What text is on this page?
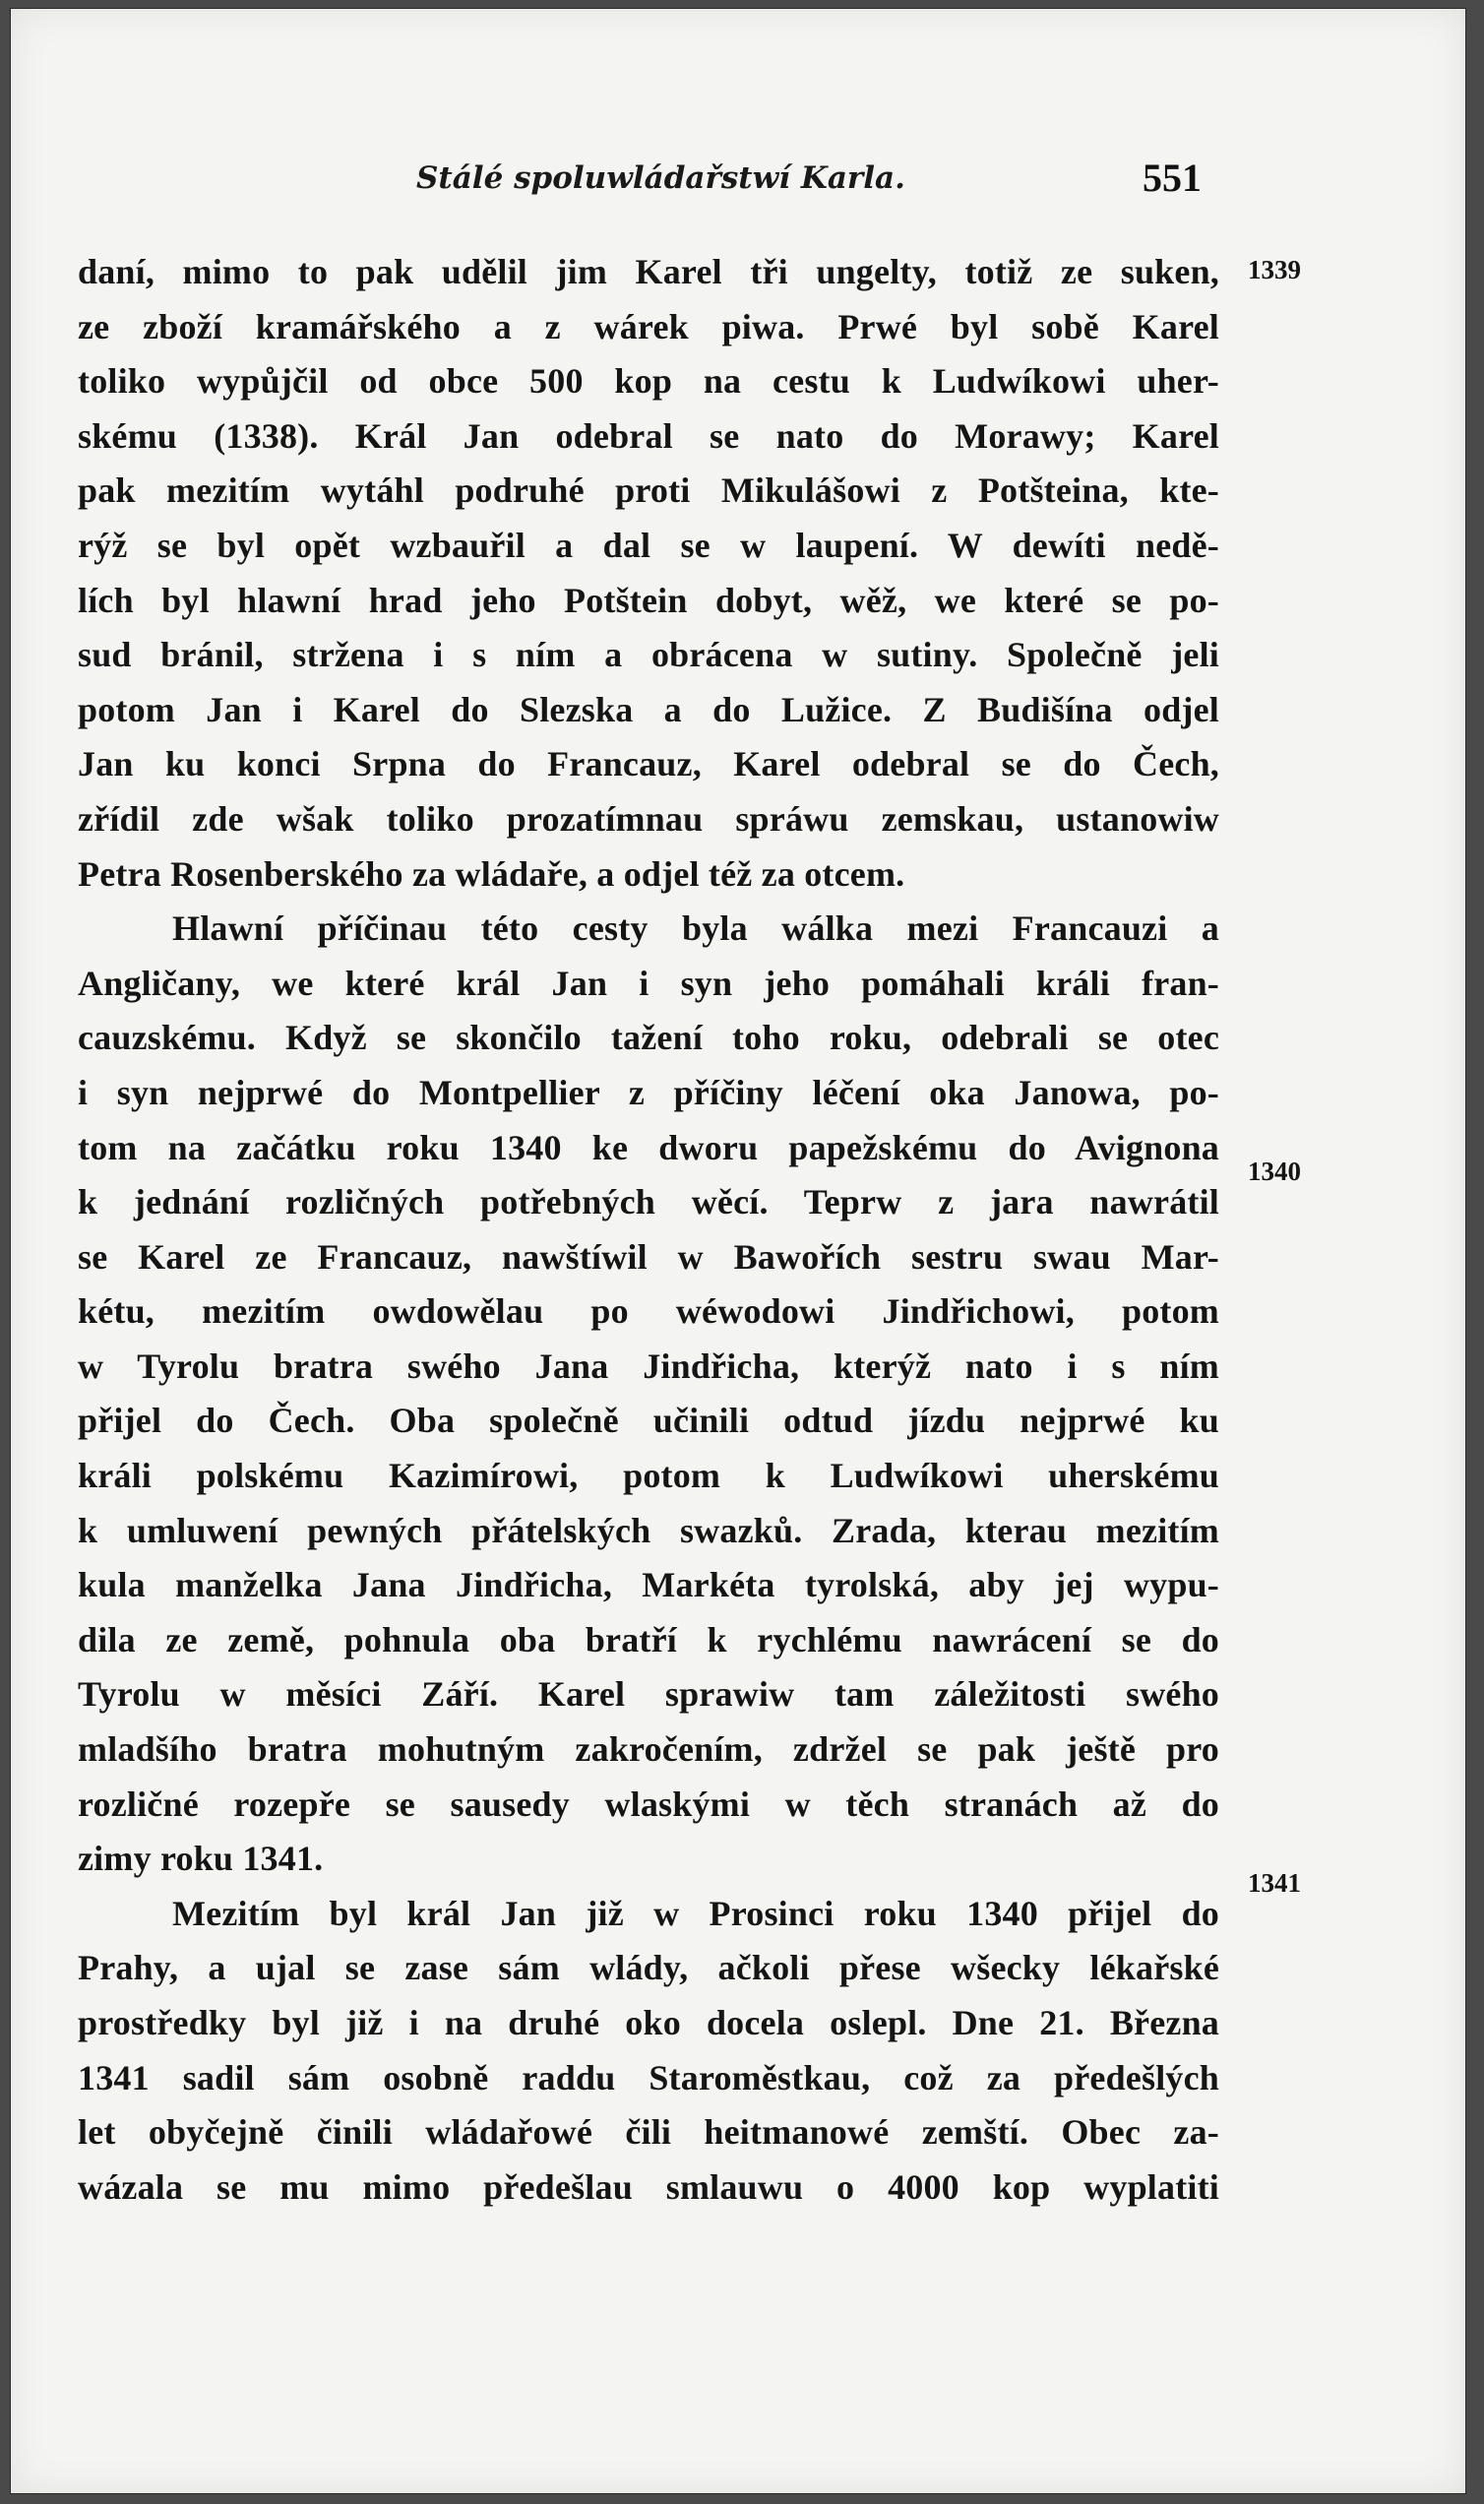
Stálé spoluwládařstwí Karla.	551
daní, mimo to pak udělil jim Karel tři ungelty, totiž ze suken,
ze zboží kramářského a z wárek piwa. Prwé byl sobě Karel
toliko wypůjčil od obce 500 kop na cestu k Ludwíkowi uher-
skému (1338). Král Jan odebral se nato do Morawy; Karel
pak mezitím wytáhl podruhé proti Mikulášowi z Potšteina, kte-
rýž se byl opět wzbauřil a dal se w laupení. W dewíti nedě-
lích byl hlawní hrad jeho Potštein dobyt, wěž, we které se po-
sud bránil, stržena i s ním a obrácena w sutiny. Společně jeli
potom Jan i Karel do Slezska a do Lužice. Z Budišína odjel
Jan ku konci Srpna do Francauz, Karel odebral se do Čech,
zřídil zde wšak toliko prozatímnau spráwu zemskau, ustanowiw
Petra Rosenberského za wládaře, a odjel též za otcem.
Hlawní příčinau této cesty byla wálka mezi Francauzi a
Angličany, we které král Jan i syn jeho pomáhali králi fran-
cauzskému. Když se skončilo tažení toho roku, odebrali se otec
i syn nejprwé do Montpellier z příčiny léčení oka Janowa, po-
tom na začátku roku 1340 ke dworu papežskému do Avignona
k jednání rozličných potřebných wěcí. Teprw z jara nawrátil
se Karel ze Francauz, nawštíwil w Bawořích sestru swau Mar-
kétu, mezitím owdowělau po wéwodowi Jindřichowi, potom
w Tyrolu bratra swého Jana Jindřicha, kterýž nato i s ním
přijel do Čech. Oba společně učinili odtud jízdu nejprwé ku
králi polskému Kazimírowi, potom k Ludwíkowi uherskému
k umluwení pewných přátelských swazků. Zrada, kterau mezitím
kula manželka Jana Jindřicha, Markéta tyrolská, aby jej wypu-
dila ze země, pohnula oba bratří k rychlému nawrácení se do
Tyrolu w měsíci Září. Karel sprawiw tam záležitosti swého
mladšího bratra mohutným zakročením, zdržel se pak ještě pro
rozličné rozepře se sausedy wlaskými w těch stranách až do
zimy roku 1341.
Mezitím byl král Jan již w Prosinci roku 1340 přijel do
Prahy, a ujal se zase sám wlády, ačkoli přese wšecky lékařské
prostředky byl již i na druhé oko docela oslepl. Dne 21. Března
1341 sadil sám osobně raddu Staroměstkau, což za předešlých
let obyčejně činili wládařowé čili heitmanowé zemští. Obec za-
wázala se mu mimo předešlau smlauwu o 4000 kop wyplatiti
1339
1340
1341
